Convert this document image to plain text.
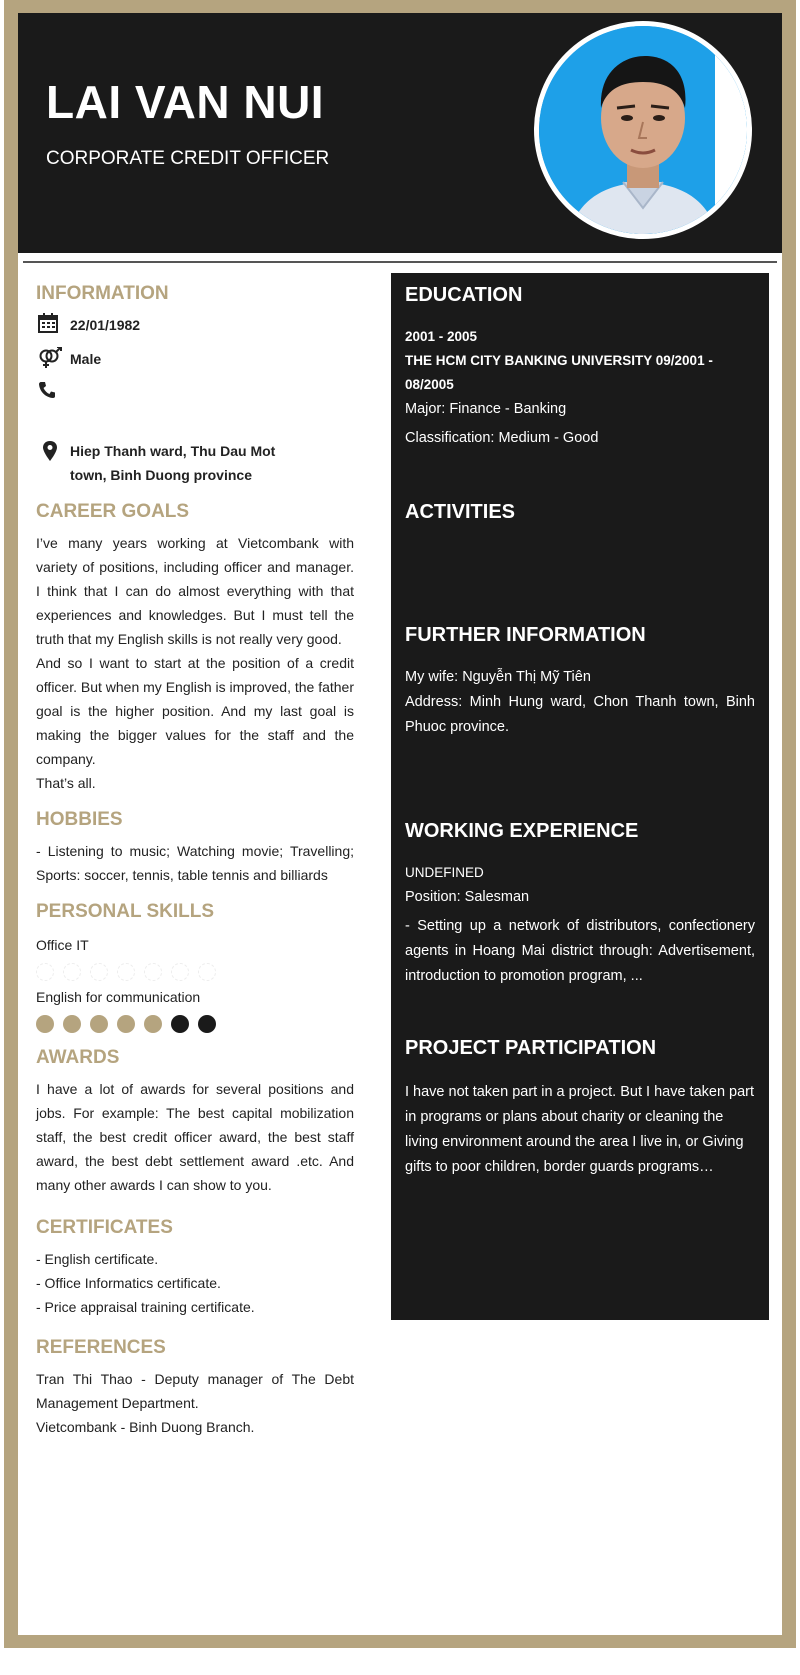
LAI VAN NUI
CORPORATE CREDIT OFFICER
INFORMATION
22/01/1982
Male
Hiep Thanh ward, Thu Dau Mot town, Binh Duong province
CAREER GOALS
I’ve many years working at Vietcombank with variety of positions, including officer and manager. I think that I can do almost everything with that experiences and knowledges. But I must tell the truth that my English skills is not really very good.
And so I want to start at the position of a credit officer. But when my English is improved, the father goal is the higher position. And my last goal is making the bigger values for the staff and the company.
That’s all.
HOBBIES
- Listening to music; Watching movie; Travelling; Sports: soccer, tennis, table tennis and billiards
PERSONAL SKILLS
Office IT
English for communication
AWARDS
I have a lot of awards for several positions and jobs. For example: The best capital mobilization staff, the best credit officer award, the best staff award, the best debt settlement award .etc. And many other awards I can show to you.
CERTIFICATES
- English certificate.
- Office Informatics certificate.
- Price appraisal training certificate.
REFERENCES
Tran Thi Thao - Deputy manager of The Debt Management Department.
Vietcombank - Binh Duong Branch.
EDUCATION
2001 - 2005
THE HCM CITY BANKING UNIVERSITY 09/2001 - 08/2005
Major: Finance - Banking
Classification: Medium - Good
ACTIVITIES
FURTHER INFORMATION
My wife: Nguyễn Thị Mỹ Tiên
Address: Minh Hung ward, Chon Thanh town, Binh Phuoc province.
WORKING EXPERIENCE
UNDEFINED
Position: Salesman
- Setting up a network of distributors, confectionery agents in Hoang Mai district through: Advertisement, introduction to promotion program, ...
PROJECT PARTICIPATION
I have not taken part in a project. But I have taken part in programs or plans about charity or cleaning the living environment around the area I live in, or Giving gifts to poor children, border guards programs…
